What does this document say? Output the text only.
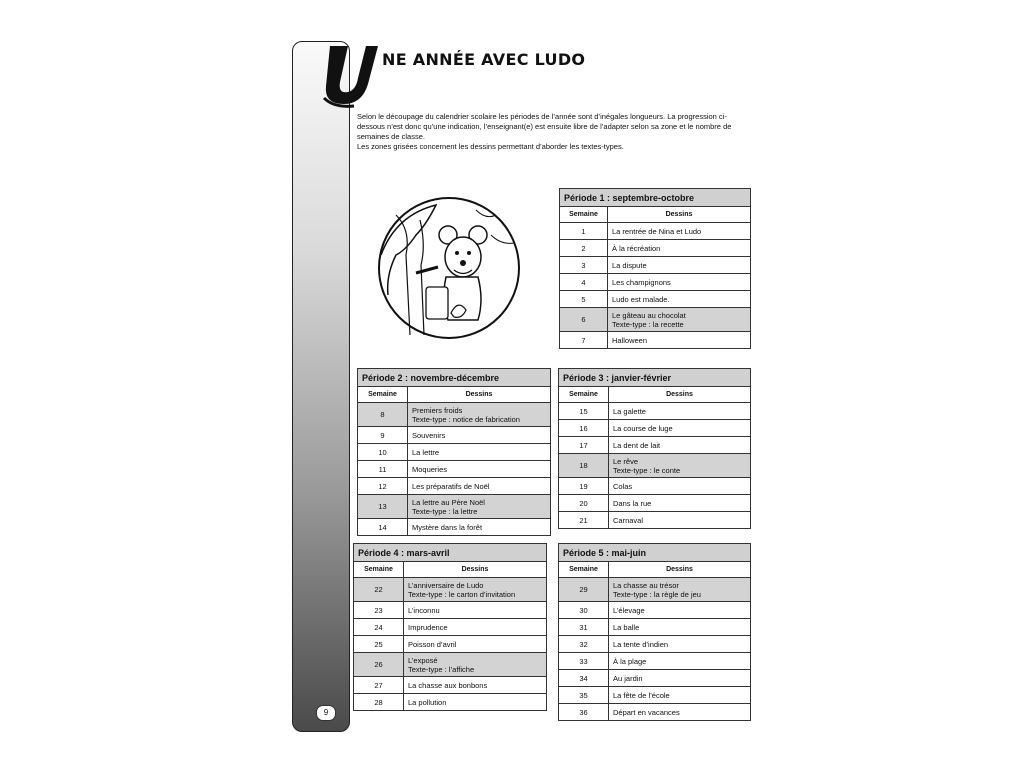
9
NE ANNÉE AVEC LUDO

Selon le découpage du calendrier scolaire les périodes de l’année sont d’inégales longueurs. La progression ci-dessous n’est donc qu’une indication, l’enseignant(e) est ensuite libre de l’adapter selon sa zone et le nombre de semaines de classe.

Les zones grisées concernent les dessins permettant d’aborder les textes-types.

Période 1 : septembre-octobre	
Semaine	Dessins
1	La rentrée de Nina et Ludo

2	À la récréation

3	La dispute

4	Les champignons

5	Ludo est malade.

6	Le gâteau au chocolat
Texte-type : la recette

7	Halloween
Période 2 : novembre-décembre	
Semaine	Dessins
8	Premiers froids
Texte-type : notice de fabrication

9	Souvenirs

10	La lettre

11	Moqueries

12	Les préparatifs de Noël

13	La lettre au Père Noël
Texte-type : la lettre

14	Mystère dans la forêt
Période 3 : janvier-février	
Semaine	Dessins
15	La galette

16	La course de luge

17	La dent de lait

18	Le rêve
Texte-type : le conte

19	Colas

20	Dans la rue

21	Carnaval
Période 4 : mars-avril	
Semaine	Dessins
22	L’anniversaire de Ludo
Texte-type : le carton d’invitation

23	L’inconnu

24	Imprudence

25	Poisson d’avril

26	L’exposé
Texte-type : l’affiche

27	La chasse aux bonbons

28	La pollution
Période 5 : mai-juin	
Semaine	Dessins
29	La chasse au trésor
Texte-type : la règle de jeu

30	L’élevage

31	La balle

32	La tente d’indien

33	À la plage

34	Au jardin

35	La fête de l’école

36	Départ en vacances
